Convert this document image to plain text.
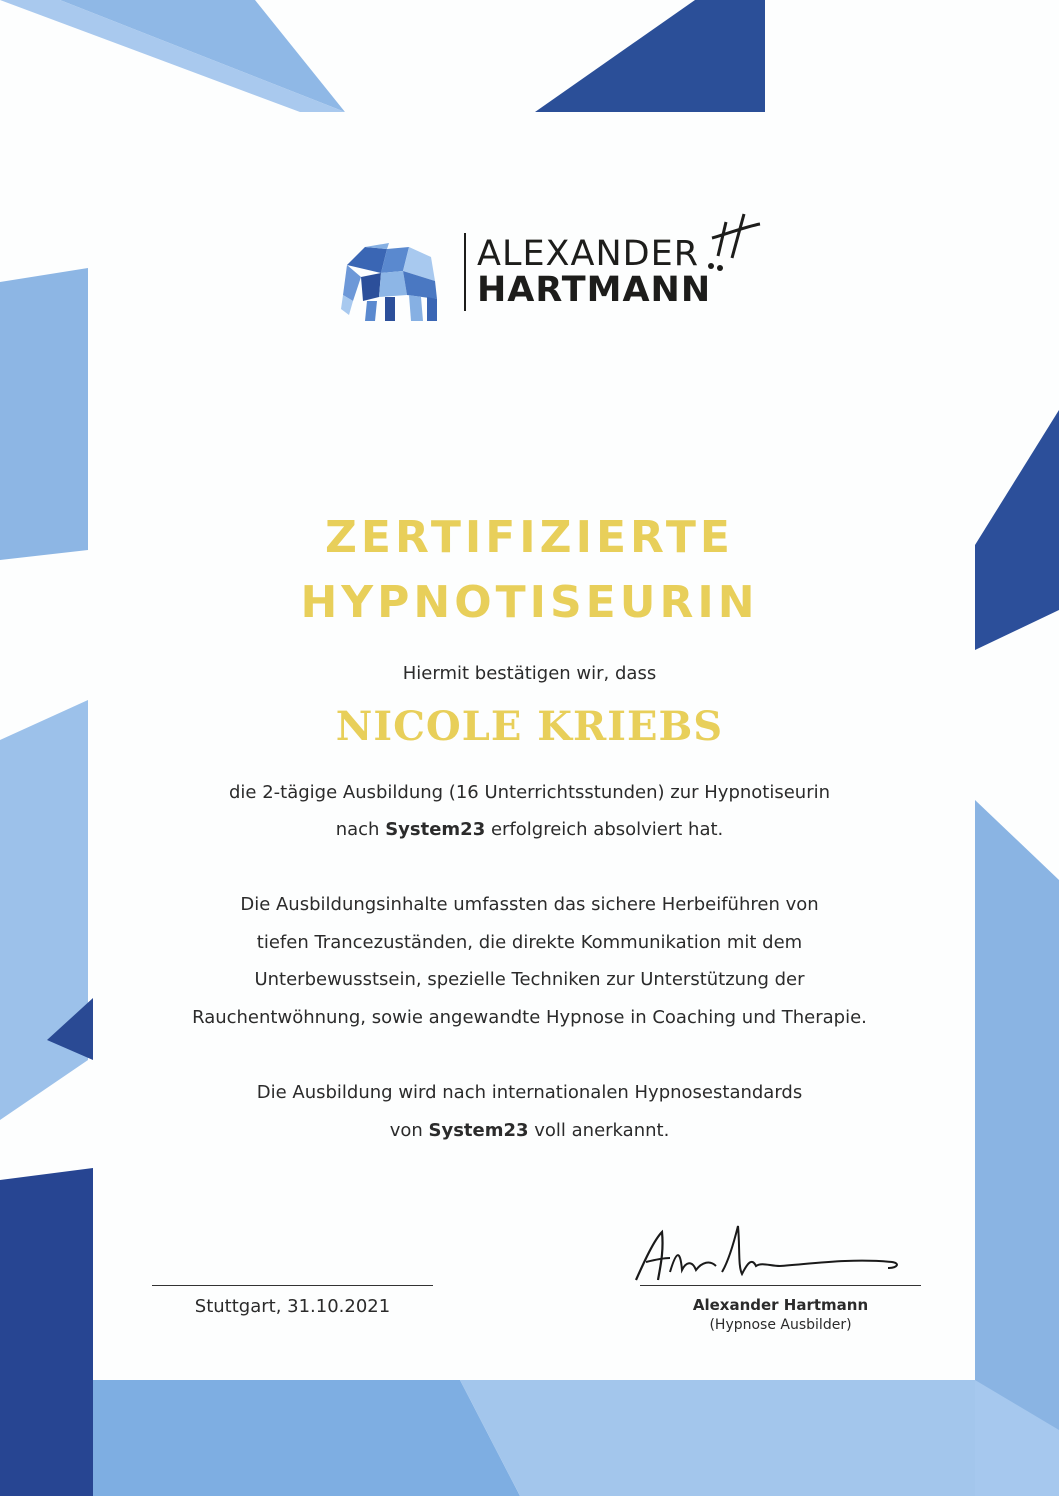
ALEXANDER
HARTMANN
ZERTIFIZIERTE
HYPNOTISEURIN
Hiermit bestätigen wir, dass
NICOLE KRIEBS
die 2-tägige Ausbildung (16 Unterrichtsstunden) zur Hypnotiseurin
nach System23 erfolgreich absolviert hat.
Die Ausbildungsinhalte umfassten das sichere Herbeiführen von
tiefen Trancezuständen, die direkte Kommunikation mit dem
Unterbewusstsein, spezielle Techniken zur Unterstützung der
Rauchentwöhnung, sowie angewandte Hypnose in Coaching und Therapie.
Die Ausbildung wird nach internationalen Hypnosestandards
von System23 voll anerkannt.
Stuttgart, 31.10.2021	Alexander Hartmann
(Hypnose Ausbilder)
